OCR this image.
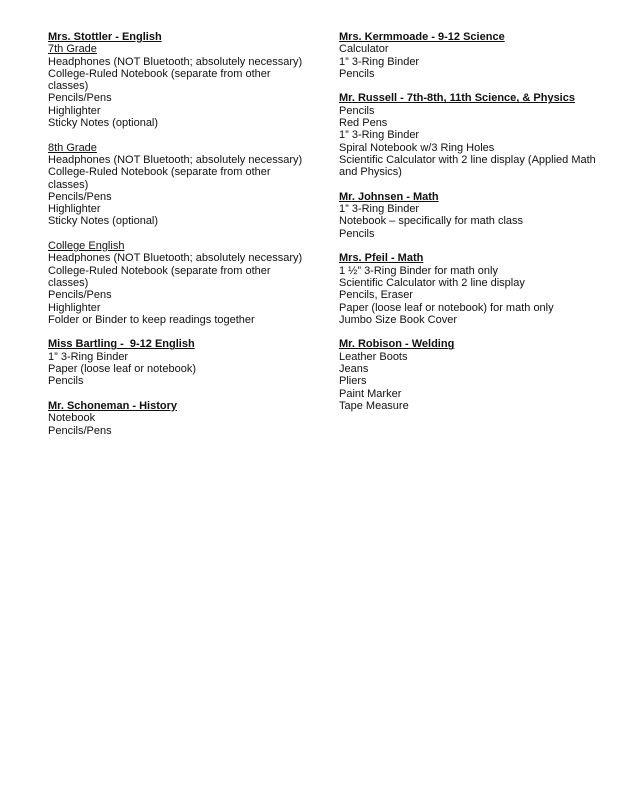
Mrs. Stottler - English
7th Grade
Headphones (NOT Bluetooth; absolutely necessary)
College-Ruled Notebook (separate from other classes)
Pencils/Pens
Highlighter
Sticky Notes (optional)
8th Grade
Headphones (NOT Bluetooth; absolutely necessary)
College-Ruled Notebook (separate from other classes)
Pencils/Pens
Highlighter
Sticky Notes (optional)
College English
Headphones (NOT Bluetooth; absolutely necessary)
College-Ruled Notebook (separate from other classes)
Pencils/Pens
Highlighter
Folder or Binder to keep readings together
Miss Bartling -  9-12 English
1” 3-Ring Binder
Paper (loose leaf or notebook)
Pencils
Mr. Schoneman - History
Notebook
Pencils/Pens
Mrs. Kermmoade - 9-12 Science
Calculator
1” 3-Ring Binder
Pencils
Mr. Russell - 7th-8th, 11th Science, & Physics
Pencils
Red Pens
1” 3-Ring Binder
Spiral Notebook w/3 Ring Holes
Scientific Calculator with 2 line display (Applied Math and Physics)
Mr. Johnsen - Math
1” 3-Ring Binder
Notebook – specifically for math class
Pencils
Mrs. Pfeil - Math
1 ½” 3-Ring Binder for math only
Scientific Calculator with 2 line display
Pencils, Eraser
Paper (loose leaf or notebook) for math only
Jumbo Size Book Cover
Mr. Robison - Welding
Leather Boots
Jeans
Pliers
Paint Marker
Tape Measure
